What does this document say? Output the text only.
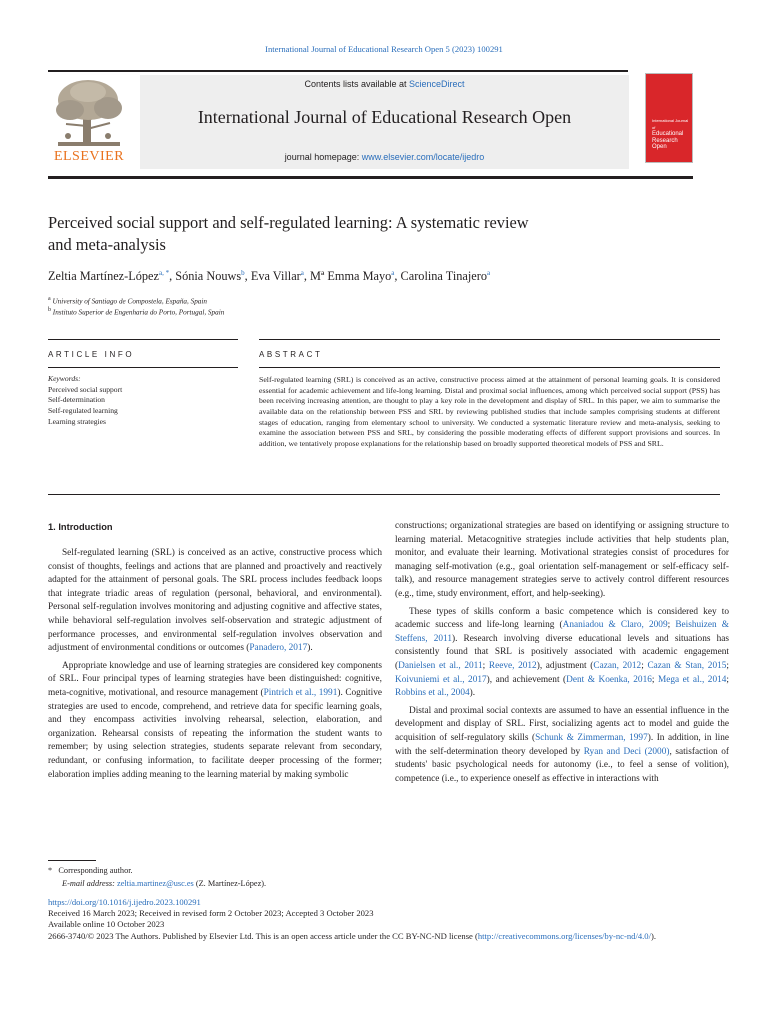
International Journal of Educational Research Open 5 (2023) 100291
ELSEVIER
Contents lists available at ScienceDirect
International Journal of Educational Research Open
journal homepage: www.elsevier.com/locate/ijedro
International Journal of
Educational
Research
Open
Perceived social support and self-regulated learning: A systematic review
and meta-analysis
Zeltia Martínez-López$^{a, *}$, Sónia Nouws$^b$, Eva Villar$^a$, Mª Emma Mayo$^a$, Carolina Tinajero$^a$
$^a$ University of Santiago de Compostela, España, Spain
$^b$ Instituto Superior de Engenharia do Porto, Portugal, Spain
ARTICLE INFO	ABSTRACT
Keywords:
Perceived social support
Self-determination
Self-regulated learning
Learning strategies
Self-regulated learning (SRL) is conceived as an active, constructive process aimed at the attainment of personal learning goals. It is considered essential for academic achievement and life-long learning. Distal and proximal social influences, among which perceived social support (PSS) has been receiving increasing attention, are thought to play a key role in the development and display of SRL. In this paper, we aim to summarise the available data on the relationship between PSS and SRL by reviewing published studies that include samples comprising students at different stages of education, ranging from elementary school to university. We conducted a systematic literature review and meta-analysis, seeking to examine the association between PSS and SRL, by considering the possible moderating effects of different support provisions and sources. In addition, we tentatively propose explanations for the relationship based on broadly supported theoretical models of PSS and SRL.
1. Introduction

Self-regulated learning (SRL) is conceived as an active, constructive process which consist of thoughts, feelings and actions that are planned and proactively and reactively adapted for the attainment of personal goals. The SRL process includes feedback loops that integrate triadic areas of regulation (personal, behavioral, and environmental). Personal self-regulation involves monitoring and adjusting cognitive and affective states, while behavioral self-regulation involves self-observation and strategic adjustment of performance processes, and environmental self-regulation involves observation and adjustment of environmental conditions or outcomes (Panadero, 2017).

Appropriate knowledge and use of learning strategies are considered key components of SRL. Four principal types of learning strategies have been distinguished: cognitive, meta-cognitive, motivational, and resource management (Pintrich et al., 1991). Cognitive strategies are used to encode, comprehend, and retrieve data for specific learning goals, and they encompass activities involving rehearsal, selection, elaboration, and organization. Rehearsal consists of repeating the information the student wants to remember; by using selection strategies, students separate relevant from secondary, redundant, or confusing information, to facilitate deeper processing of the former; elaboration implies adding meaning to the learning material by making symbolic

constructions; organizational strategies are based on identifying or assigning structure to learning material. Metacognitive strategies include activities that help students plan, monitor, and evaluate their learning. Motivational strategies consist of procedures for managing self-motivation (e.g., goal orientation self-management or self-efficacy self-talk), and resource management strategies serve to actively control different resources (e.g., time, study environment, effort, and help-seeking).

These types of skills conform a basic competence which is considered key to academic success and life-long learning (Ananiadou & Claro, 2009; Beishuizen & Steffens, 2011). Research involving diverse educational levels and situations has consistently found that SRL is positively associated with academic engagement (Danielsen et al., 2011; Reeve, 2012), adjustment (Cazan, 2012; Cazan & Stan, 2015; Koivuniemi et al., 2017), and achievement (Dent & Koenka, 2016; Mega et al., 2014; Robbins et al., 2004).

Distal and proximal social contexts are assumed to have an essential influence in the development and display of SRL. First, socializing agents act to model and guide the acquisition of self-regulatory skills (Schunk & Zimmerman, 1997). In addition, in line with the self-determination theory developed by Ryan and Deci (2000), satisfaction of students' basic psychological needs for autonomy (i.e., to feel a sense of volition), competence (i.e., to experience oneself as effective in interactions with

* Corresponding author.
E-mail address: zeltia.martinez@usc.es (Z. Martínez-López).
https://doi.org/10.1016/j.ijedro.2023.100291
Received 16 March 2023; Received in revised form 2 October 2023; Accepted 3 October 2023
Available online 10 October 2023
2666-3740/© 2023 The Authors. Published by Elsevier Ltd. This is an open access article under the CC BY-NC-ND license (http://creativecommons.org/licenses/by-nc-nd/4.0/).
